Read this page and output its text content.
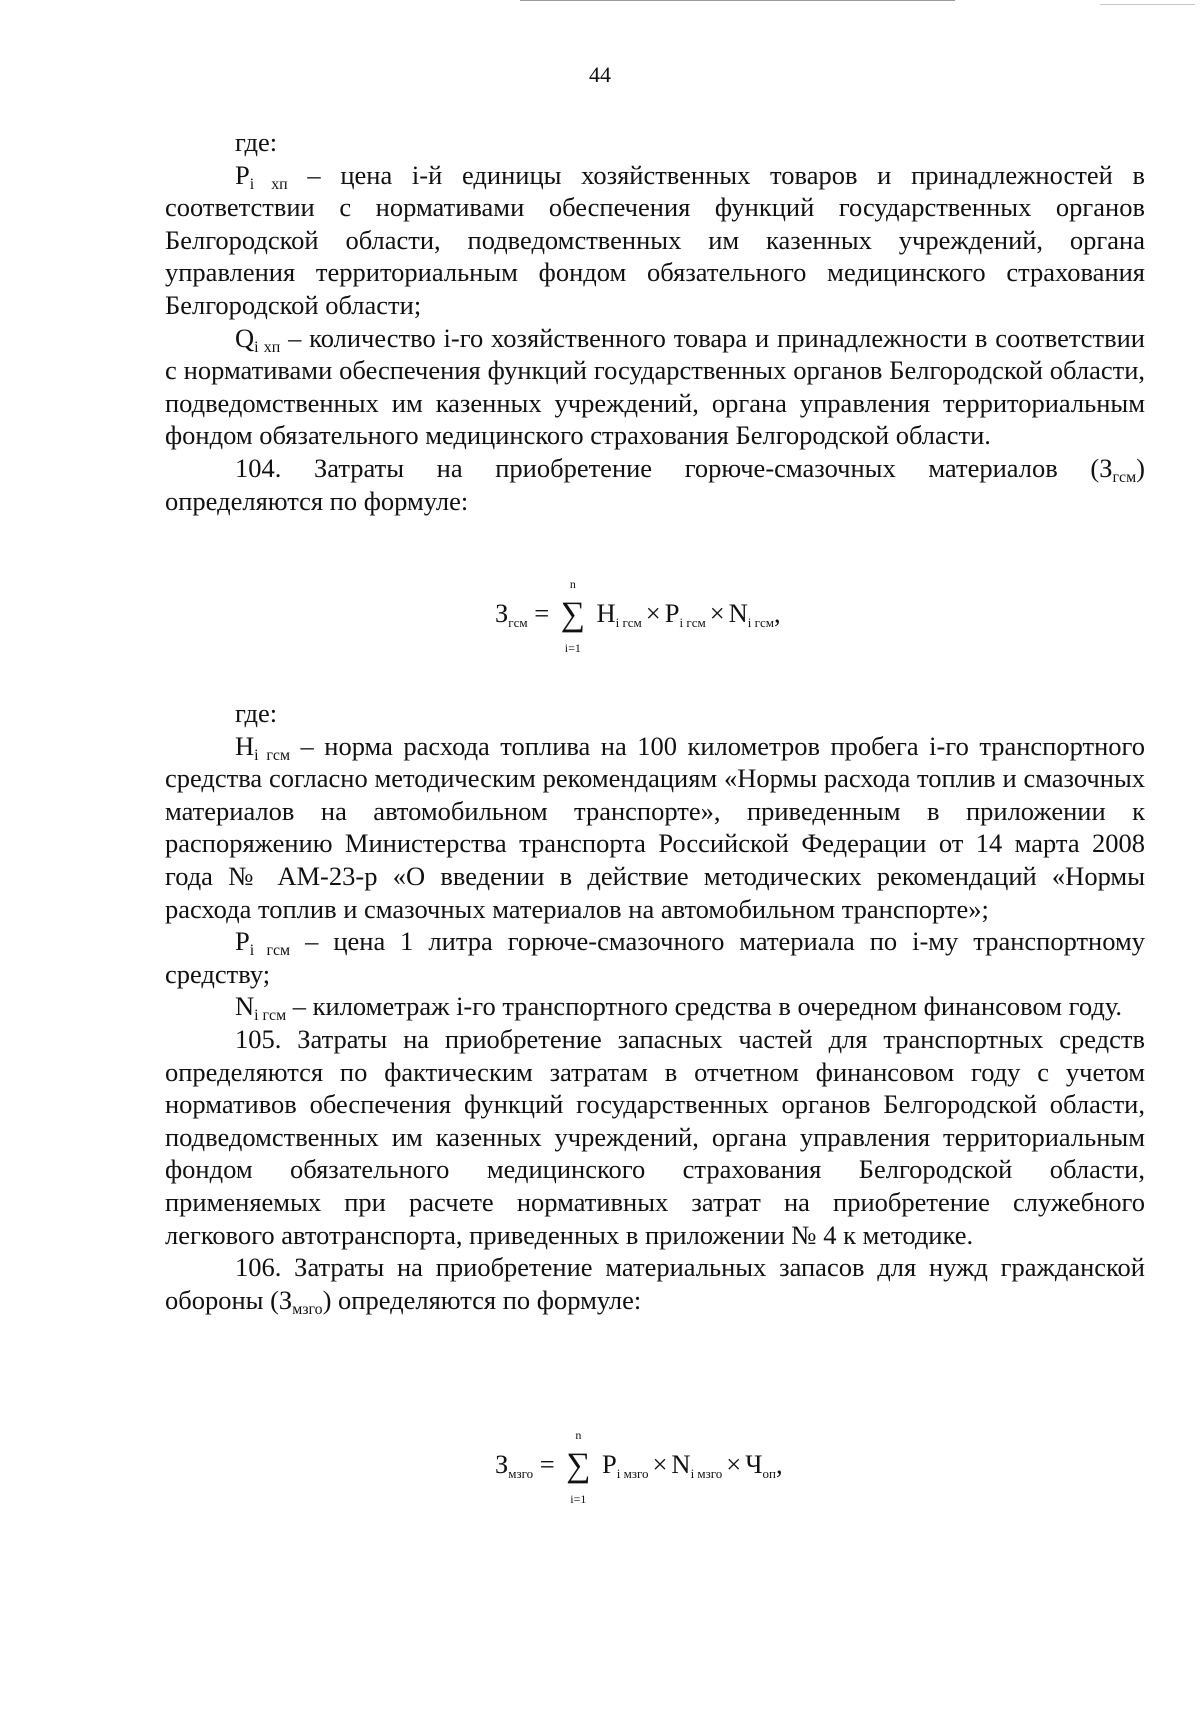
44

где:

$P_{i хп}$ – цена i-й единицы хозяйственных товаров и принадлежностей в соответствии с нормативами обеспечения функций государственных органов Белгородской области, подведомственных им казенных учреждений, органа управления территориальным фондом обязательного медицинского страхования Белгородской области;

$Q_{i хп}$ – количество i-го хозяйственного товара и принадлежности в соответствии с нормативами обеспечения функций государственных органов Белгородской области, подведомственных им казенных учреждений, органа управления территориальным фондом обязательного медицинского страхования Белгородской области.

104. Затраты на приобретение горюче-смазочных материалов $(З_{гсм})$ определяются по формуле:

Згсм =
n
∑
i=1
Нi гсм × Pi гсм × Ni гсм,

где:

$Н_{i гсм}$ – норма расхода топлива на 100 километров пробега i-го транспортного средства согласно методическим рекомендациям «Нормы расхода топлив и смазочных материалов на автомобильном транспорте», приведенным в приложении к распоряжению Министерства транспорта Российской Федерации от 14 марта 2008 года № АМ-23-р «О введении в действие методических рекомендаций «Нормы расхода топлив и смазочных материалов на автомобильном транспорте»;

$P_{i гсм}$ – цена 1 литра горюче-смазочного материала по i-му транспортному средству;

$N_{i гсм}$ – километраж i-го транспортного средства в очередном финансовом году.

105. Затраты на приобретение запасных частей для транспортных средств определяются по фактическим затратам в отчетном финансовом году с учетом нормативов обеспечения функций государственных органов Белгородской области, подведомственных им казенных учреждений, органа управления территориальным фондом обязательного медицинского страхования Белгородской области, применяемых при расчете нормативных затрат на приобретение служебного легкового автотранспорта, приведенных в приложении № 4 к методике.

106. Затраты на приобретение материальных запасов для нужд гражданской обороны $(З_{мзго})$ определяются по формуле:

Змзго =
n
∑
i=1
Pi мзго × Ni мзго × Чоп,
